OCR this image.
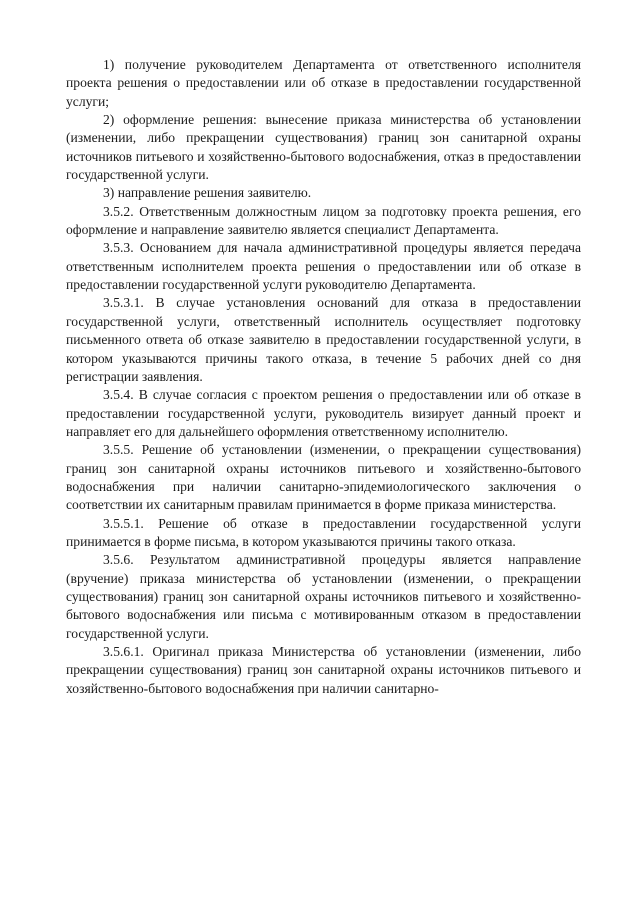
1) получение руководителем Департамента от ответственного исполнителя проекта решения о предоставлении или об отказе в предоставлении государственной услуги;

2) оформление решения: вынесение приказа министерства об установлении (изменении, либо прекращении существования) границ зон санитарной охраны источников питьевого и хозяйственно-бытового водоснабжения, отказ в предоставлении государственной услуги.

3) направление решения заявителю.

3.5.2. Ответственным должностным лицом за подготовку проекта решения, его оформление и направление заявителю является специалист Департамента.

3.5.3. Основанием для начала административной процедуры является передача ответственным исполнителем проекта решения о предоставлении или об отказе в предоставлении государственной услуги руководителю Департамента.

3.5.3.1. В случае установления оснований для отказа в предоставлении государственной услуги, ответственный исполнитель осуществляет подготовку письменного ответа об отказе заявителю в предоставлении государственной услуги, в котором указываются причины такого отказа, в течение 5 рабочих дней со дня регистрации заявления.

3.5.4. В случае согласия с проектом решения о предоставлении или об отказе в предоставлении государственной услуги, руководитель визирует данный проект и направляет его для дальнейшего оформления ответственному исполнителю.

3.5.5. Решение об установлении (изменении, о прекращении существования) границ зон санитарной охраны источников питьевого и хозяйственно-бытового водоснабжения при наличии санитарно-эпидемиологического заключения о соответствии их санитарным правилам принимается в форме приказа министерства.

3.5.5.1. Решение об отказе в предоставлении государственной услуги принимается в форме письма, в котором указываются причины такого отказа.

3.5.6. Результатом административной процедуры является направление (вручение) приказа министерства об установлении (изменении, о прекращении существования) границ зон санитарной охраны источников питьевого и хозяйственно-бытового водоснабжения или письма с мотивированным отказом в предоставлении государственной услуги.

3.5.6.1. Оригинал приказа Министерства об установлении (изменении, либо прекращении существования) границ зон санитарной охраны источников питьевого и хозяйственно-бытового водоснабжения при наличии санитарно-
